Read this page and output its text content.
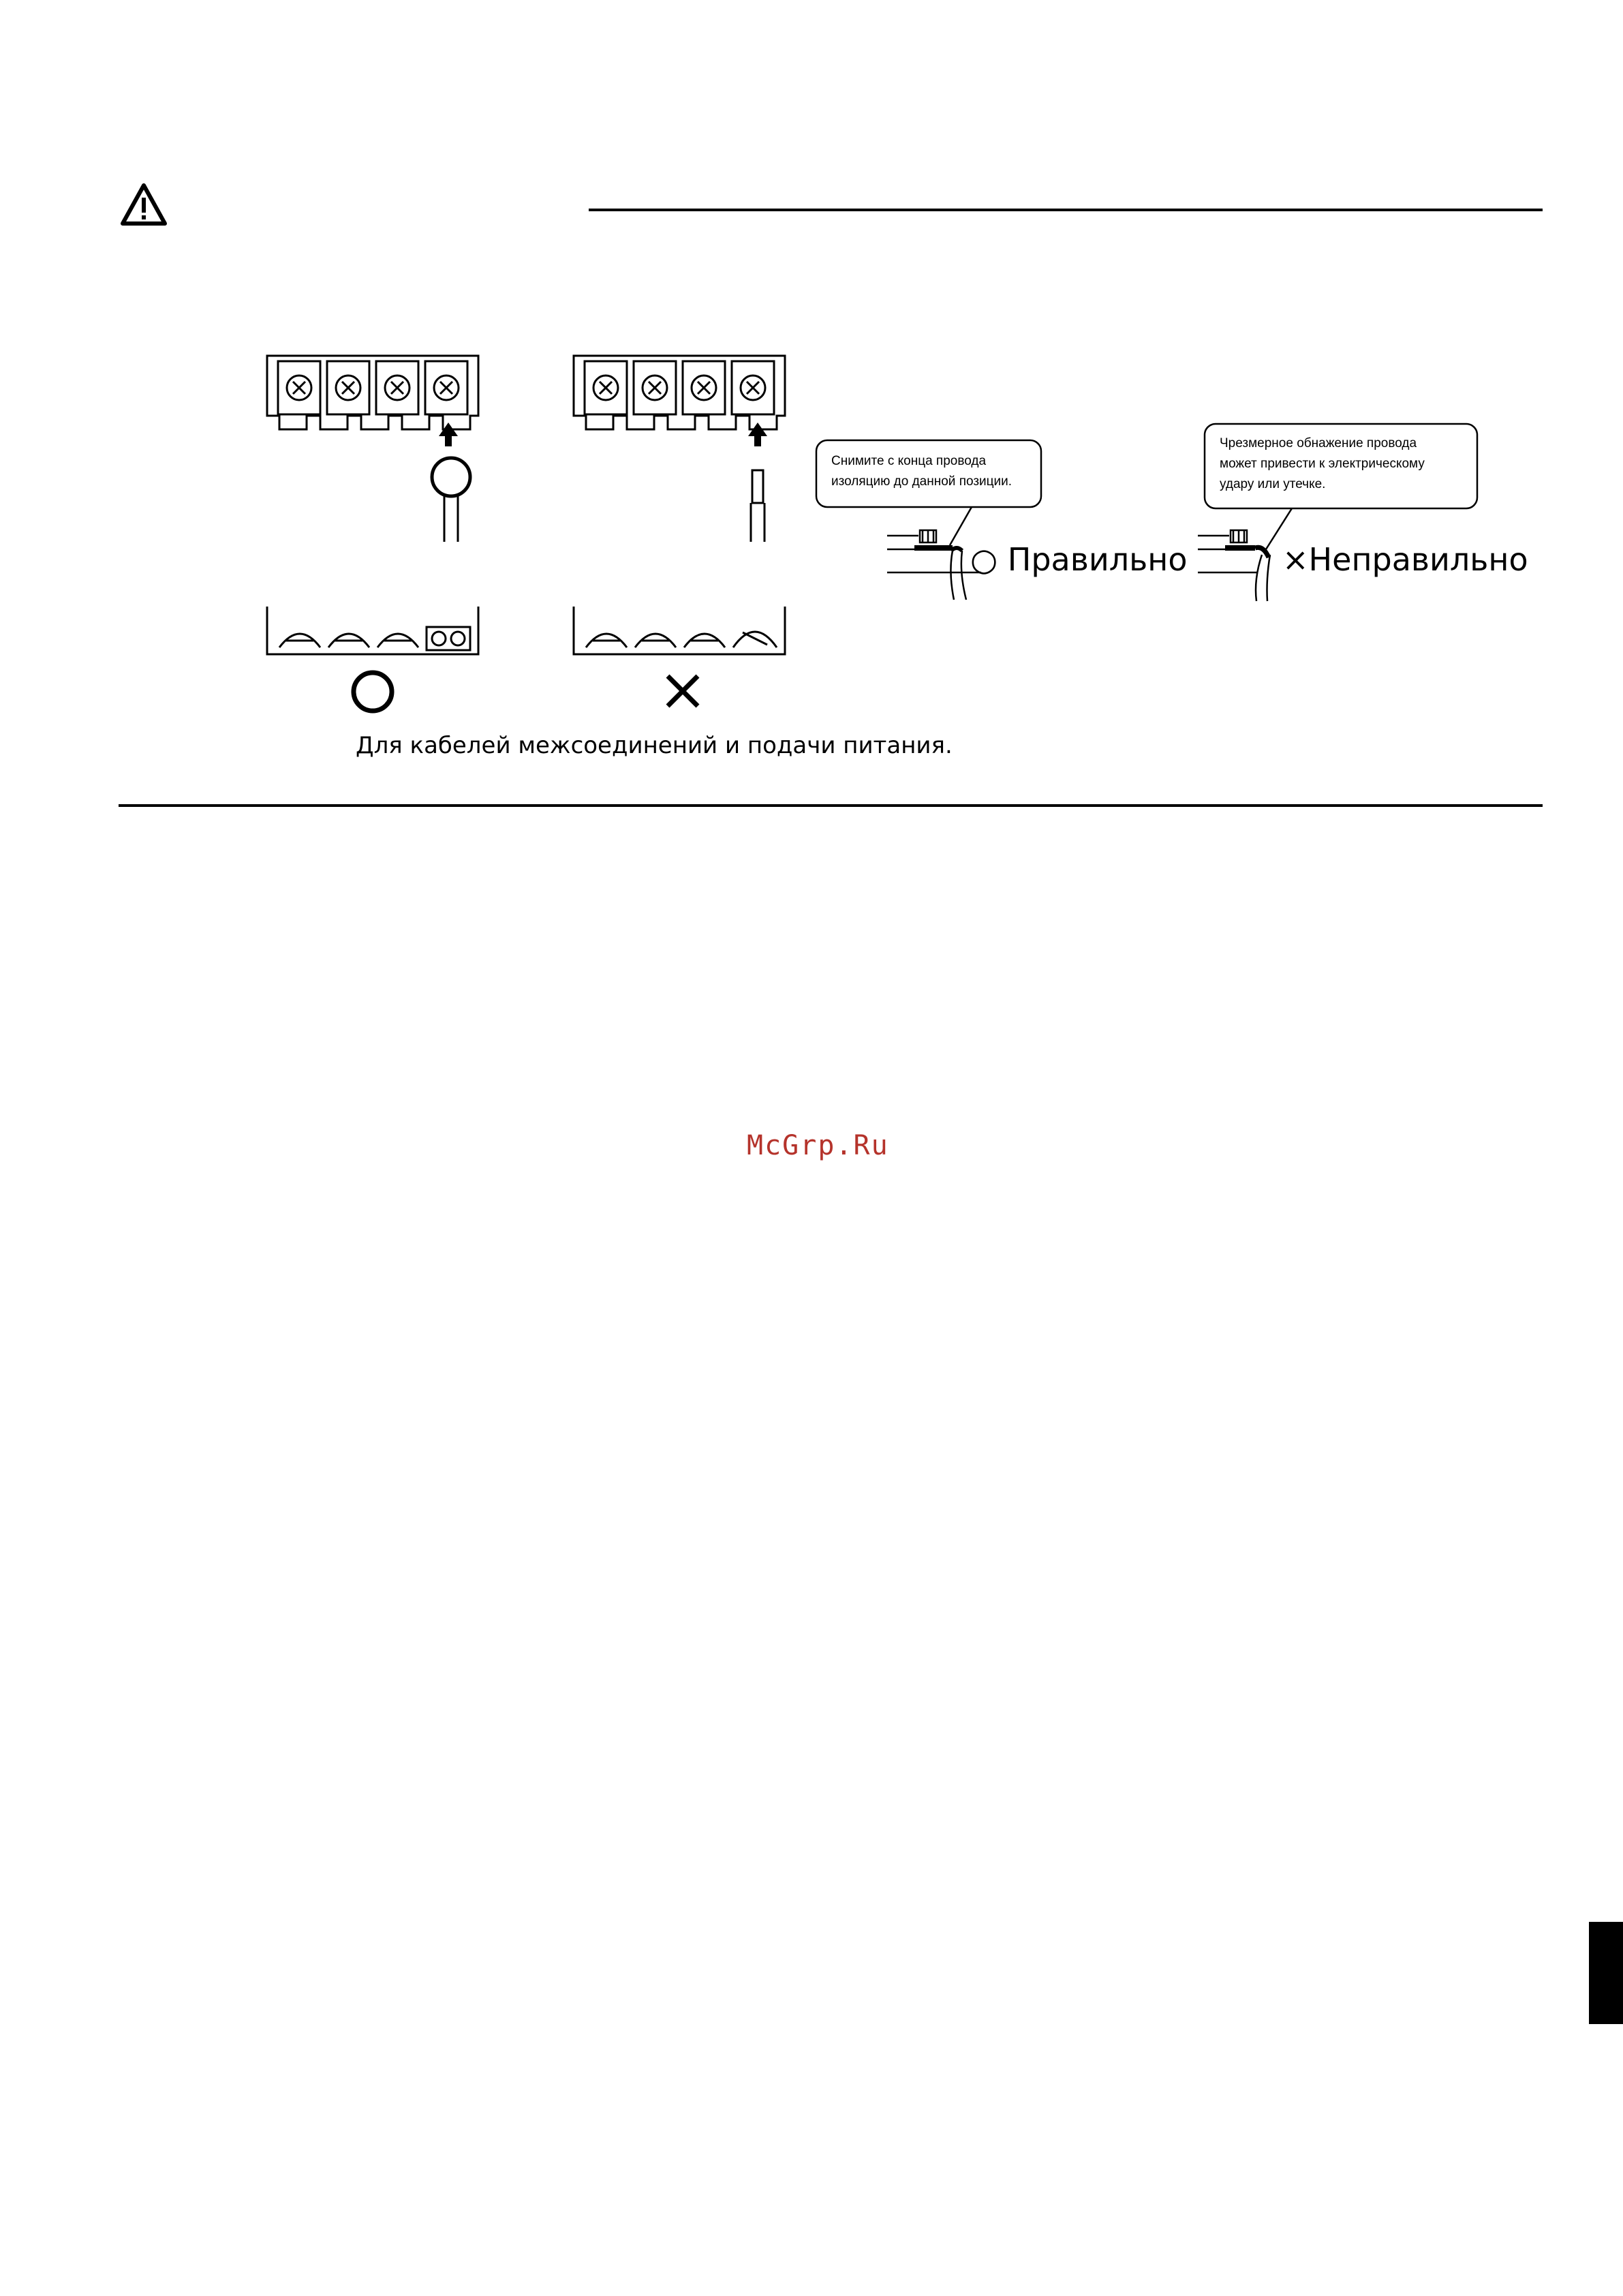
Снимите с конца провода
изоляцию до данной позиции.
Чрезмерное обнажение провода
может привести к электрическому
удару или утечке.
○ Правильно	×Неправильно
Для кабелей межсоединений и подачи питания.
McGrp.Ru
